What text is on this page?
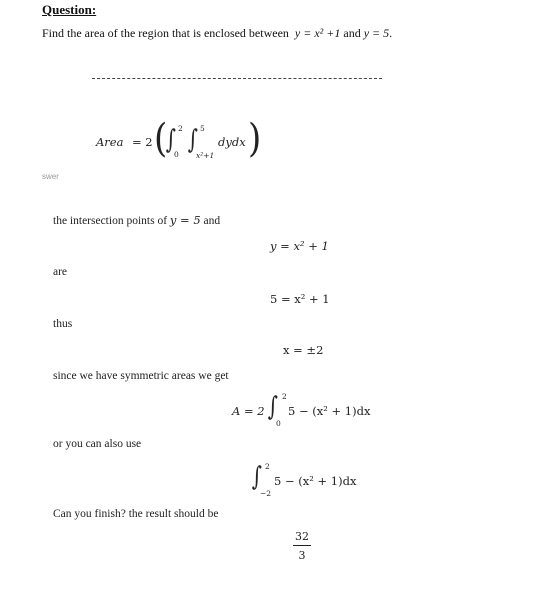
Question:
Find the area of the region that is enclosed between y = x² +1 and y = 5.
Area = 2 (
∫ 2
0 ∫ 5
x²+1
dydx )
swer
the intersection points of y = 5 and
y = x² + 1
are
5 = x² + 1
thus
x = ±2
since we have symmetric areas we get
A = 2 ∫ 2
0
5 − (x² + 1)dx
or you can also use
∫ 2
−2
5 − (x² + 1)dx
Can you finish? the result should be
$\frac{32}{3}$
